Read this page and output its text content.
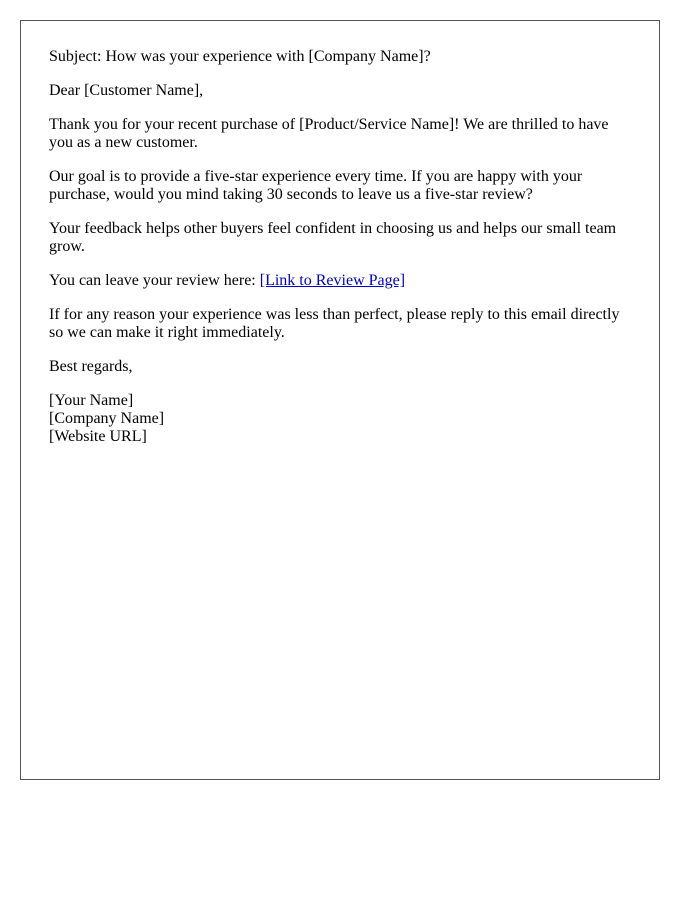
Subject: How was your experience with [Company Name]?

Dear [Customer Name],

Thank you for your recent purchase of [Product/Service Name]! We are thrilled to have you as a new customer.

Our goal is to provide a five-star experience every time. If you are happy with your purchase, would you mind taking 30 seconds to leave us a five-star review?

Your feedback helps other buyers feel confident in choosing us and helps our small team grow.

You can leave your review here: [Link to Review Page]

If for any reason your experience was less than perfect, please reply to this email directly so we can make it right immediately.

Best regards,

[Your Name]
[Company Name]
[Website URL]
